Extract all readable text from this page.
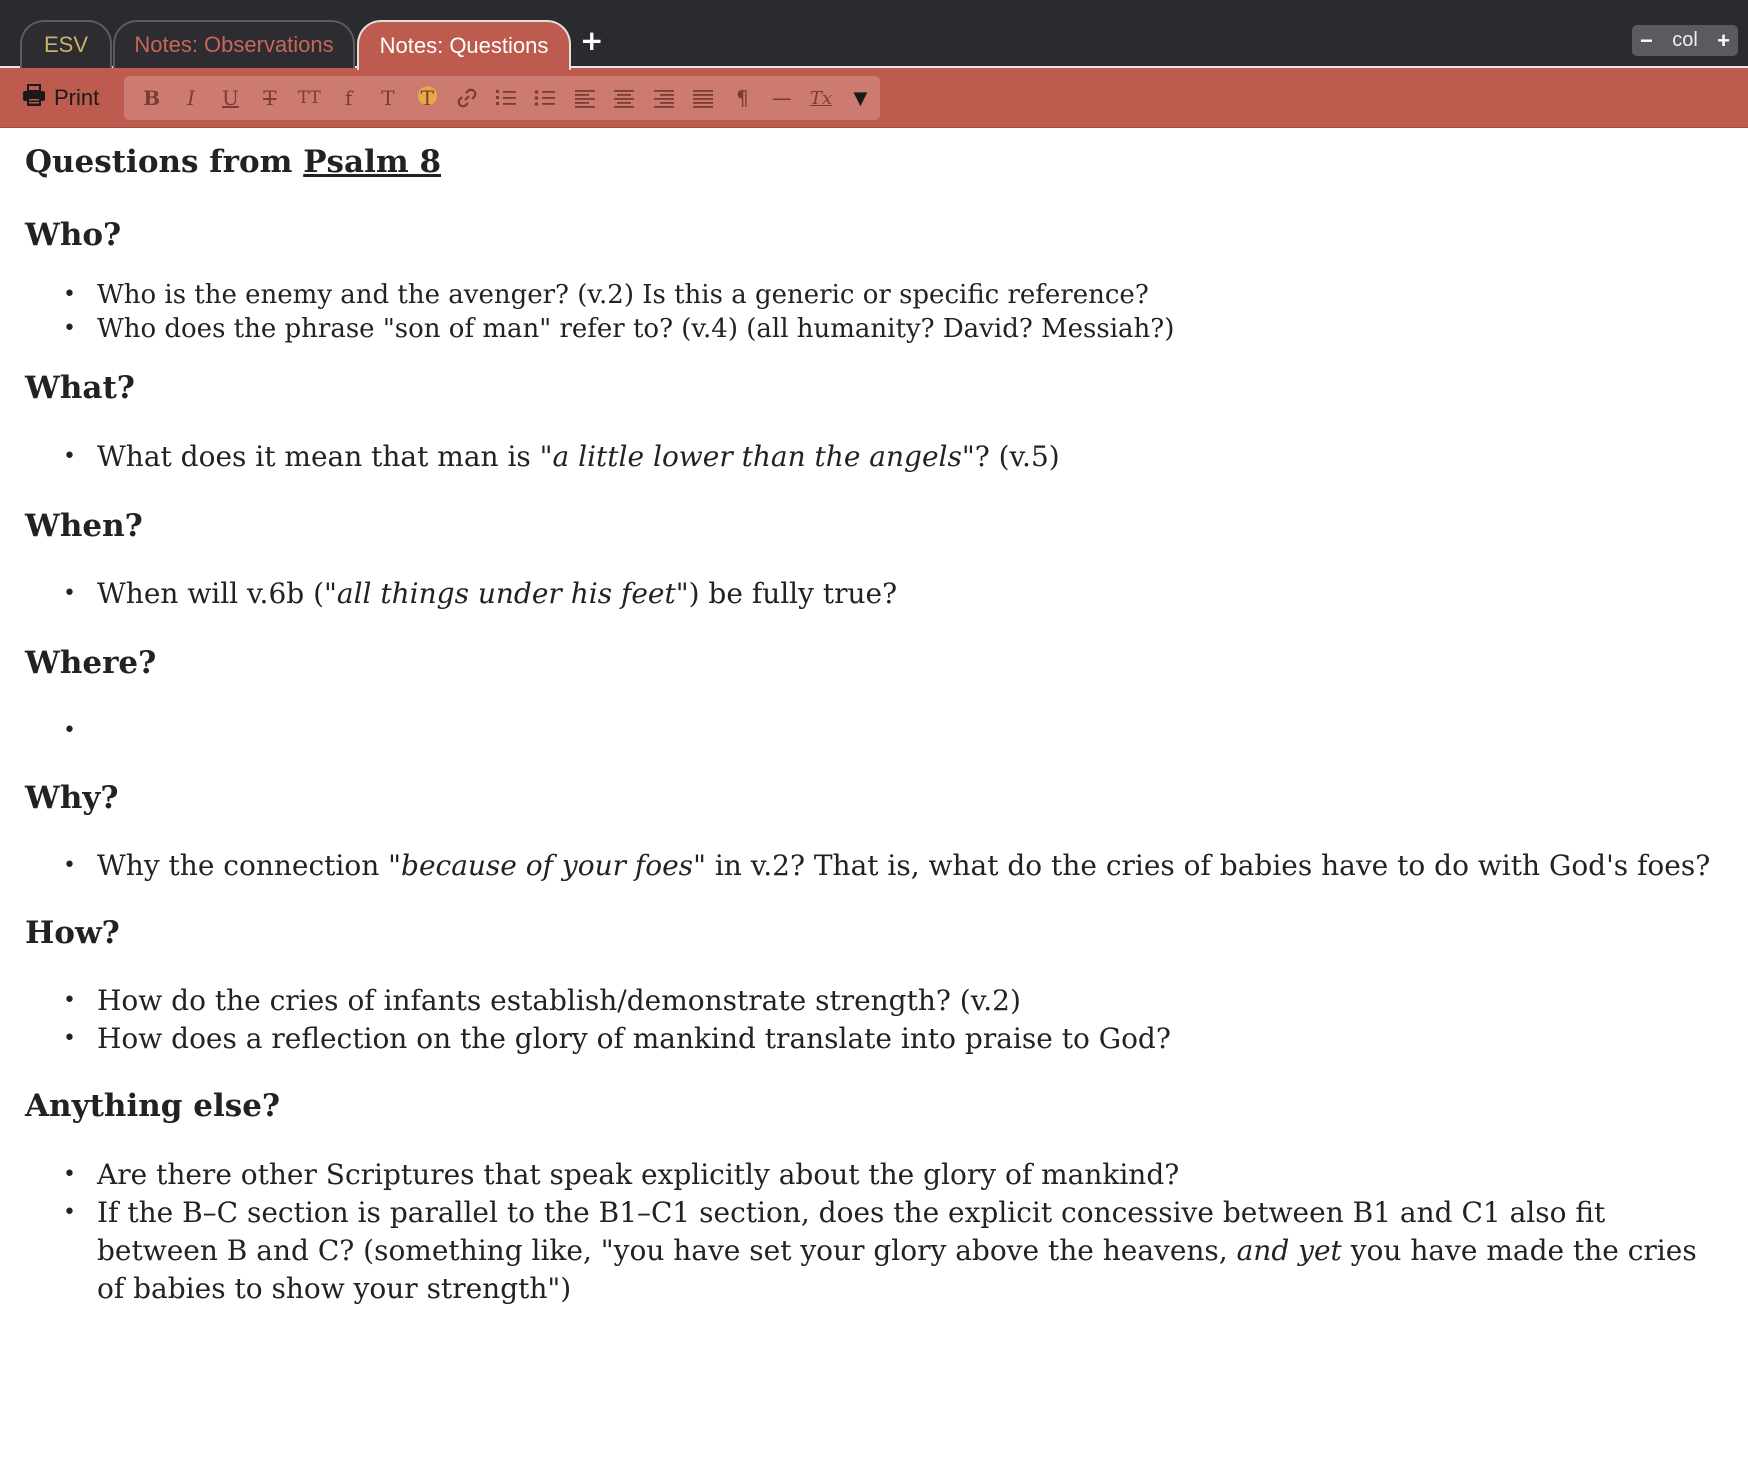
ESV	Notes: Observations	Notes: Questions	+	− col +
Print	B	I	U	T	TT	f	T	T	¶	—	Tx	▼
Questions from Psalm 8
Who?
• Who is the enemy and the avenger? (v.2) Is this a generic or specific reference?
• Who does the phrase "son of man" refer to? (v.4) (all humanity? David? Messiah?)
What?
• What does it mean that man is "a little lower than the angels"? (v.5)
When?
• When will v.6b ("all things under his feet") be fully true?
Where?
•
Why?
• Why the connection "because of your foes" in v.2? That is, what do the cries of babies have to do with God's foes?
How?
• How do the cries of infants establish/demonstrate strength? (v.2)
• How does a reflection on the glory of mankind translate into praise to God?
Anything else?
• Are there other Scriptures that speak explicitly about the glory of mankind?
• If the B–C section is parallel to the B1–C1 section, does the explicit concessive between B1 and C1 also fit between B and C? (something like, "you have set your glory above the heavens, and yet you have made the cries of babies to show your strength")
